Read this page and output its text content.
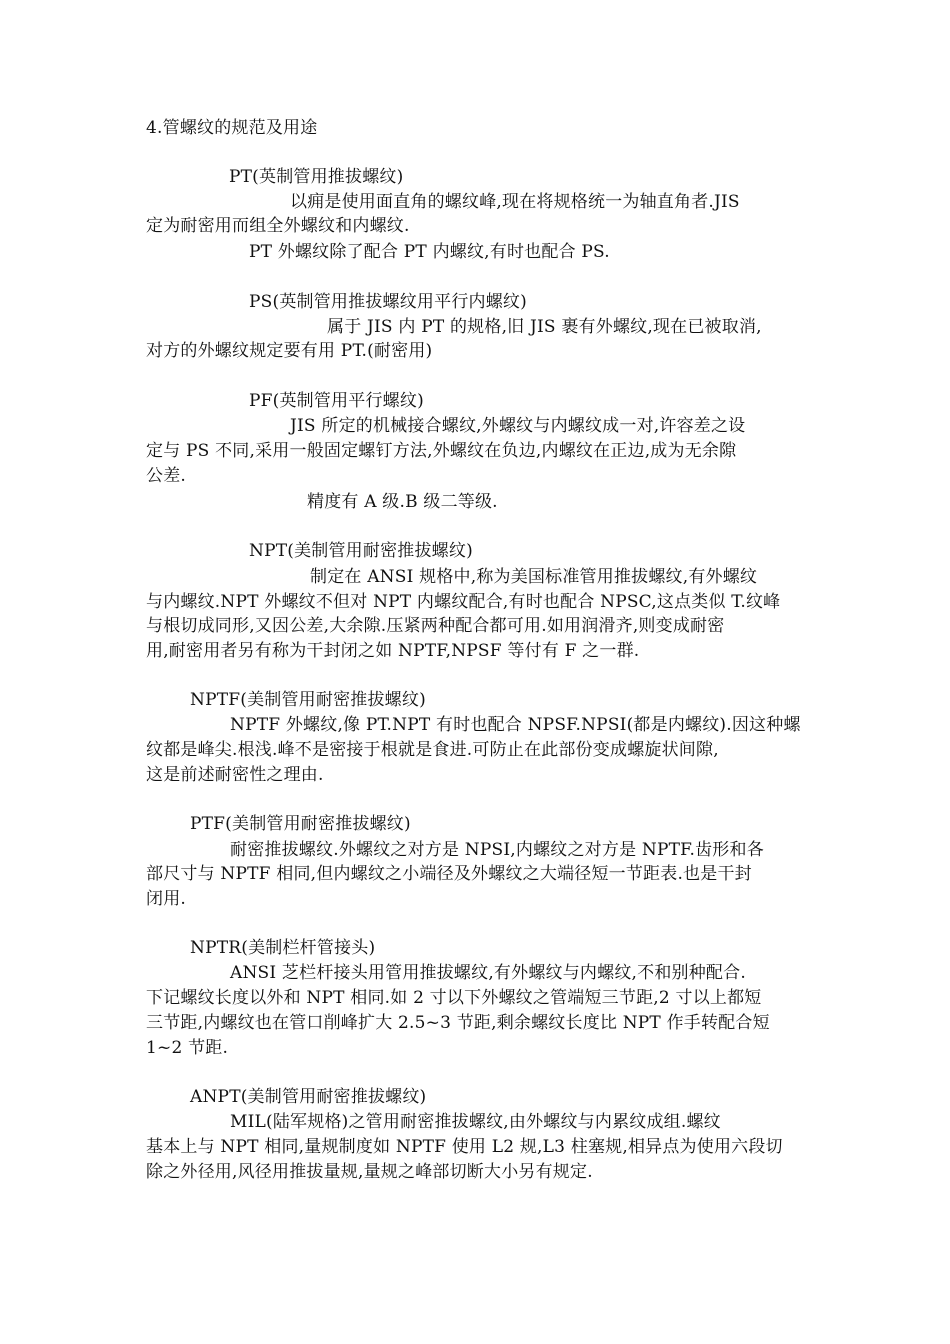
4.管螺纹的规范及用途
PT(英制管用推拔螺纹)
以痈是使用面直角的螺纹峰,现在将规格统一为轴直角者.JIS
定为耐密用而组全外螺纹和内螺纹.
PT 外螺纹除了配合 PT 内螺纹,有时也配合 PS.
PS(英制管用推拔螺纹用平行内螺纹)
属于 JIS 内 PT 的规格,旧 JIS 裹有外螺纹,现在已被取消,
对方的外螺纹规定要有用 PT.(耐密用)
PF(英制管用平行螺纹)
JIS 所定的机械接合螺纹,外螺纹与内螺纹成一对,许容差之设
定与 PS 不同,采用一般固定螺钉方法,外螺纹在负边,内螺纹在正边,成为无余隙
公差.
精度有 A 级.B 级二等级.
NPT(美制管用耐密推拔螺纹)
制定在 ANSI 规格中,称为美国标准管用推拔螺纹,有外螺纹
与内螺纹.NPT 外螺纹不但对 NPT 内螺纹配合,有时也配合 NPSC,这点类似 T.纹峰
与根切成同形,又因公差,大余隙.压紧两种配合都可用.如用润滑齐,则变成耐密
用,耐密用者另有称为干封闭之如 NPTF,NPSF 等付有 F 之一群.
NPTF(美制管用耐密推拔螺纹)
NPTF 外螺纹,像 PT.NPT 有时也配合 NPSF.NPSI(都是内螺纹).因这种螺
纹都是峰尖.根浅.峰不是密接于根就是食进.可防止在此部份变成螺旋状间隙,
这是前述耐密性之理由.
PTF(美制管用耐密推拔螺纹)
耐密推拔螺纹.外螺纹之对方是 NPSI,内螺纹之对方是 NPTF.齿形和各
部尺寸与 NPTF 相同,但内螺纹之小端径及外螺纹之大端径短一节距表.也是干封
闭用.
NPTR(美制栏杆管接头)
ANSI 芝栏杆接头用管用推拔螺纹,有外螺纹与内螺纹,不和别种配合.
下记螺纹长度以外和 NPT 相同.如 2 寸以下外螺纹之管端短三节距,2 寸以上都短
三节距,内螺纹也在管口削峰扩大 2.5~3 节距,剩余螺纹长度比 NPT 作手转配合短
1~2 节距.
ANPT(美制管用耐密推拔螺纹)
MIL(陆军规格)之管用耐密推拔螺纹,由外螺纹与内累纹成组.螺纹
基本上与 NPT 相同,量规制度如 NPTF 使用 L2 规,L3 柱塞规,相异点为使用六段切
除之外径用,风径用推拔量规,量规之峰部切断大小另有规定.
